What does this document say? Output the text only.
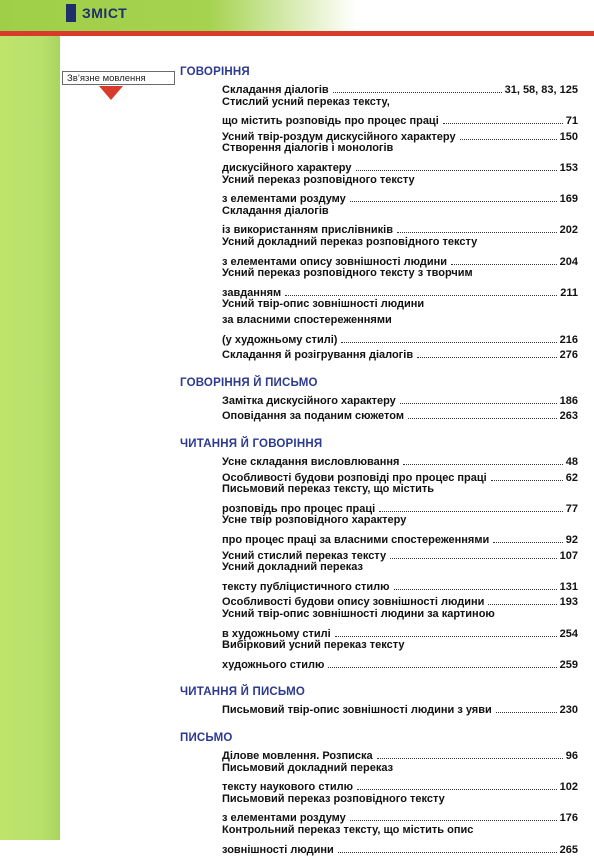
ЗМІСТ
Зв’язне мовлення
ГОВОРІННЯ
Складання діалогів	31, 58, 83, 125
Стислий усний переказ тексту,
що містить розповідь про процес праці	71
Усний твір-роздум дискусійного характеру	150
Створення діалогів і монологів
дискусійного характеру	153
Усний переказ розповідного тексту
з елементами роздуму	169
Складання діалогів
із використанням прислівників	202
Усний докладний переказ розповідного тексту
з елементами опису зовнішності людини	204
Усний переказ розповідного тексту з творчим
завданням	211
Усний твір-опис зовнішності людини
за власними спостереженнями
(у художньому стилі)	216
Складання й розігрування діалогів	276
ГОВОРІННЯ Й ПИСЬМО
Замітка дискусійного характеру	186
Оповідання за поданим сюжетом	263
ЧИТАННЯ Й ГОВОРІННЯ
Усне складання висловлювання	48
Особливості будови розповіді про процес праці	62
Письмовий переказ тексту, що містить
розповідь про процес праці	77
Усне твір розповідного характеру
про процес праці за власними спостереженнями	92
Усний стислий переказ тексту	107
Усний докладний переказ
тексту публіцистичного стилю	131
Особливості будови опису зовнішності людини	193
Усний твір-опис зовнішності людини за картиною
в художньому стилі	254
Вибірковий усний переказ тексту
художнього стилю	259
ЧИТАННЯ Й ПИСЬМО
Письмовий твір-опис зовнішності людини з уяви	230
ПИСЬМО
Ділове мовлення. Розписка	96
Письмовий докладний переказ
тексту наукового стилю	102
Письмовий переказ розповідного тексту
з елементами роздуму	176
Контрольний переказ тексту, що містить опис
зовнішності людини	265
